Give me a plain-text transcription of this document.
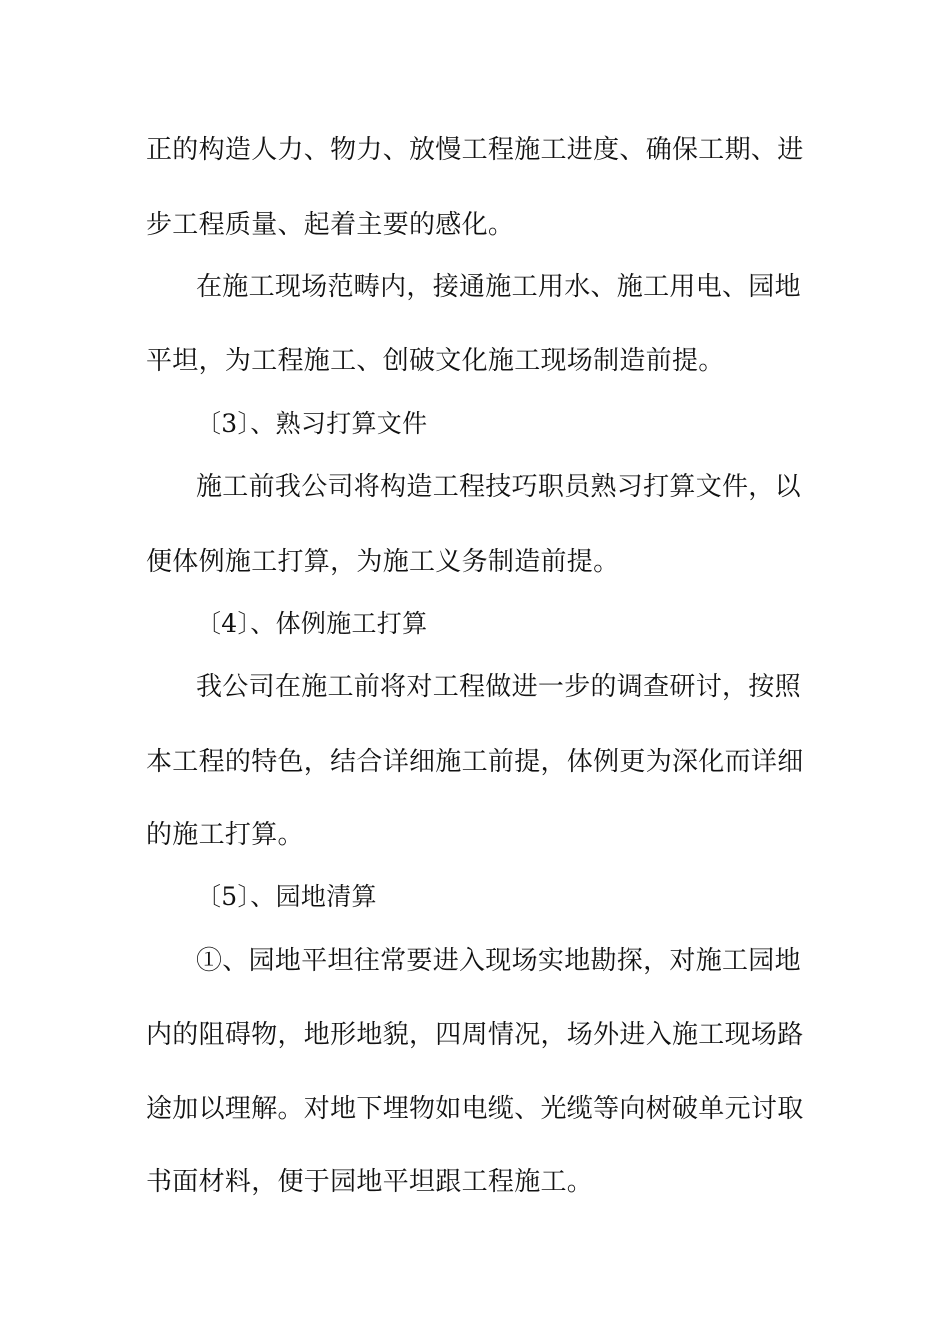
正的构造人力、物力、放慢工程施工进度、确保工期、进
步工程质量、起着主要的感化。
在施工现场范畴内，接通施工用水、施工用电、园地
平坦，为工程施工、创破文化施工现场制造前提。
〔3〕、熟习打算文件
施工前我公司将构造工程技巧职员熟习打算文件，以
便体例施工打算，为施工义务制造前提。
〔4〕、体例施工打算
我公司在施工前将对工程做进一步的调查研讨，按照
本工程的特色，结合详细施工前提，体例更为深化而详细
的施工打算。
〔5〕、园地清算
①、园地平坦往常要进入现场实地勘探，对施工园地
内的阻碍物，地形地貌，四周情况，场外进入施工现场路
途加以理解。对地下埋物如电缆、光缆等向树破单元讨取
书面材料，便于园地平坦跟工程施工。
